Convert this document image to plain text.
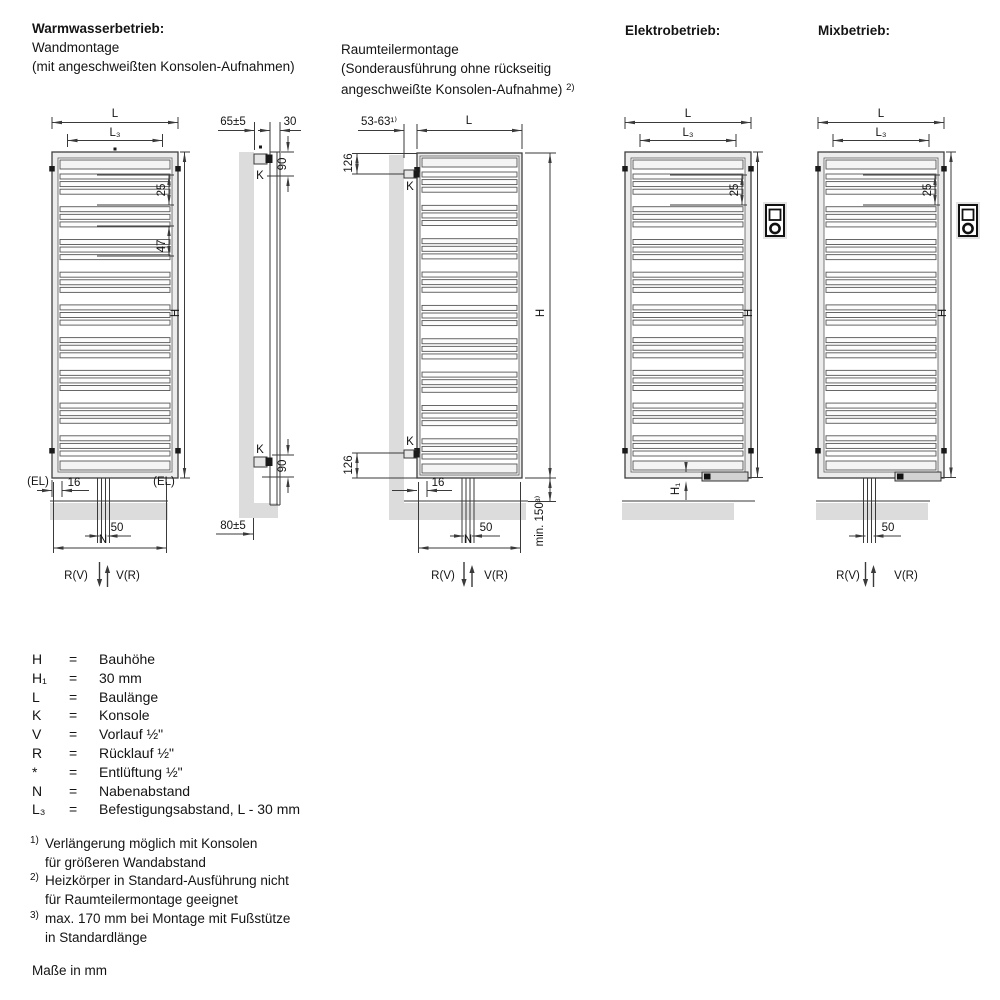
Warmwasserbetrieb:
Wandmontage
(mit angeschweißten Konsolen-Aufnahmen)
Raumteilermontage
(Sonderausführung ohne rückseitig
angeschweißte Konsolen-Aufnahme) $^{2)}$
Elektrobetrieb:	Mixbetrieb:
L
L₃
25
47
H
(EL) 16	(EL)
50
N
R(V) V(R)
65±5	30
K
90
K
90
80±5
53-63¹⁾	L
126
K
K
126
H
min. 150³⁾
16
50
N
R(V)	V(R)
L
L₃
25
H
H₁
L
L₃
25
H
50
R(V)	V(R)
H	=	Bauhöhe
H₁	=	30 mm
L	=	Baulänge
K	=	Konsole
V	=	Vorlauf ½"
R	=	Rücklauf ½"
*	=	Entlüftung ½"
N	=	Nabenabstand
L₃	=	Befestigungsabstand, L - 30 mm
1) Verlängerung möglich mit Konsolen
für größeren Wandabstand
2) Heizkörper in Standard-Ausführung nicht
für Raumteilermontage geeignet
3) max. 170 mm bei Montage mit Fußstütze
in Standardlänge
Maße in mm
